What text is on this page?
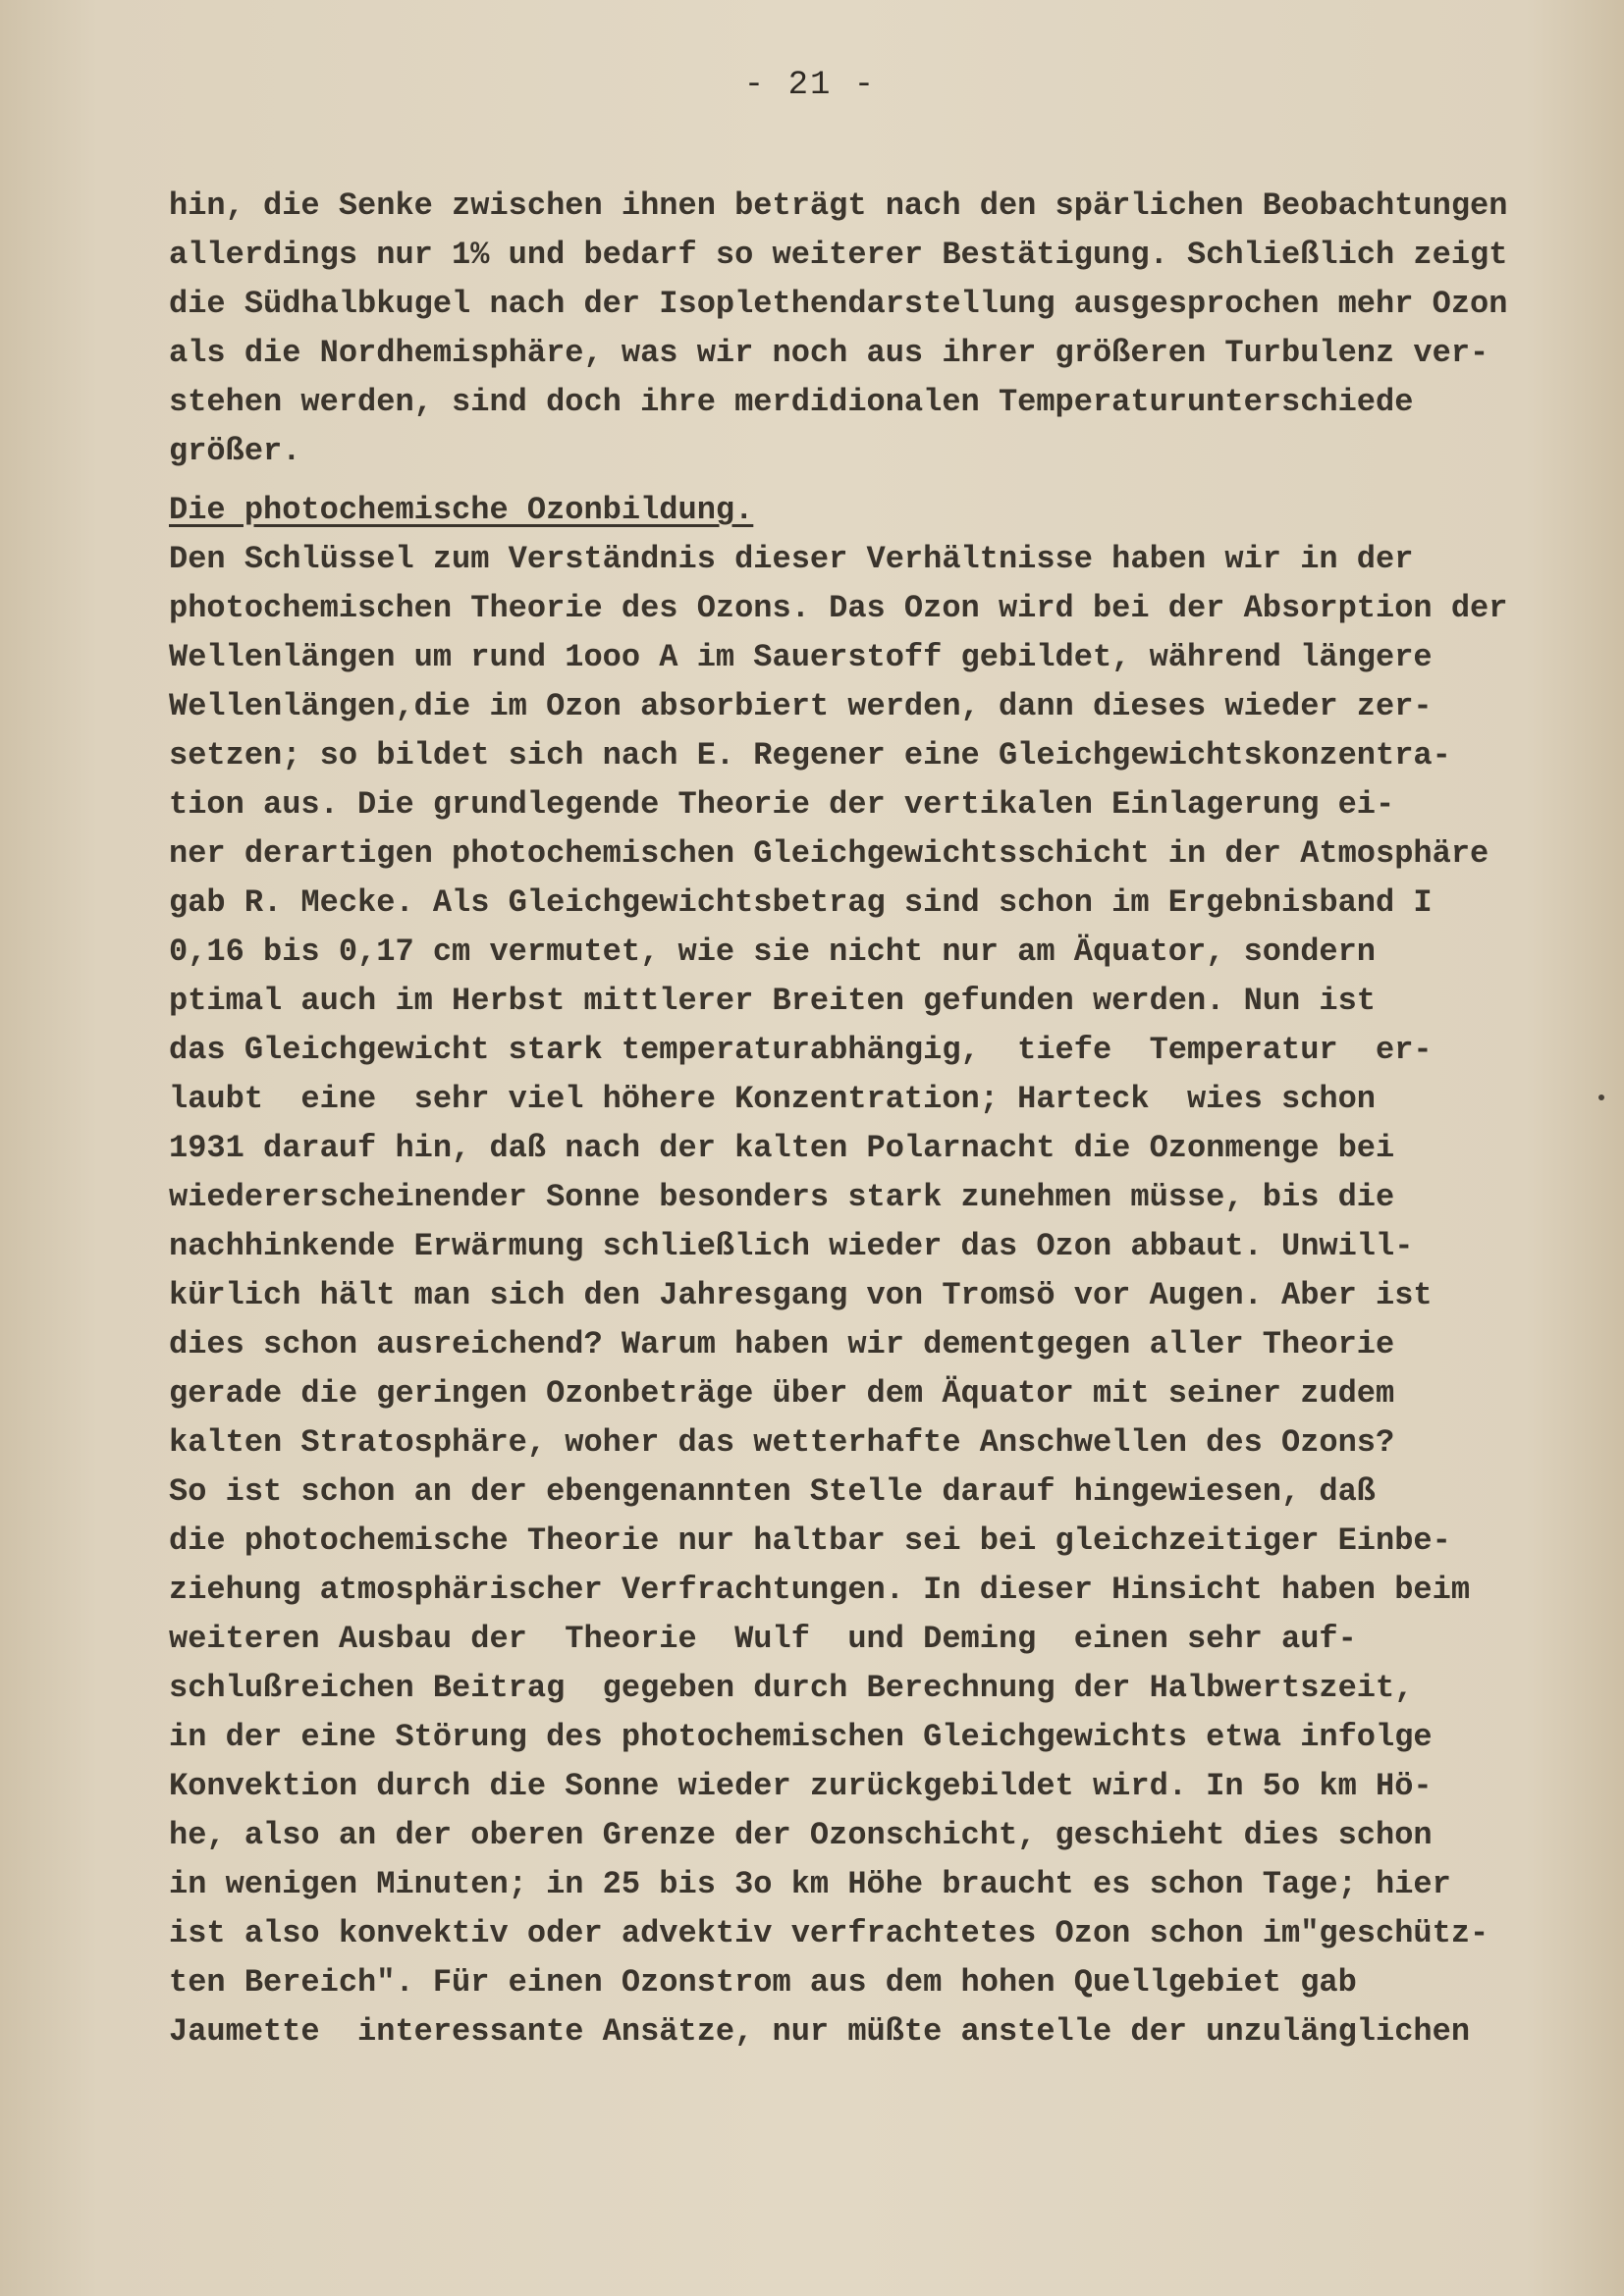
- 21 -
hin, die Senke zwischen ihnen beträgt nach den spärlichen Beobachtungen
allerdings nur 1% und bedarf so weiterer Bestätigung. Schließlich zeigt
die Südhalbkugel nach der Isoplethendarstellung ausgesprochen mehr Ozon
als die Nordhemisphäre, was wir noch aus ihrer größeren Turbulenz ver-
stehen werden, sind doch ihre merdidionalen Temperaturunterschiede
größer.
Die photochemische Ozonbildung.
Den Schlüssel zum Verständnis dieser Verhältnisse haben wir in der
photochemischen Theorie des Ozons. Das Ozon wird bei der Absorption der
Wellenlängen um rund 1ooo A im Sauerstoff gebildet, während längere
Wellenlängen,die im Ozon absorbiert werden, dann dieses wieder zer-
setzen; so bildet sich nach E. Regener eine Gleichgewichtskonzentra-
tion aus. Die grundlegende Theorie der vertikalen Einlagerung ei-
ner derartigen photochemischen Gleichgewichtsschicht in der Atmosphäre
gab R. Mecke. Als Gleichgewichtsbetrag sind schon im Ergebnisband I
0,16 bis 0,17 cm vermutet, wie sie nicht nur am Äquator, sondern
ptimal auch im Herbst mittlerer Breiten gefunden werden. Nun ist
das Gleichgewicht stark temperaturabhängig,  tiefe  Temperatur  er-
laubt  eine  sehr viel höhere Konzentration; Harteck  wies schon
1931 darauf hin, daß nach der kalten Polarnacht die Ozonmenge bei
wiedererscheinender Sonne besonders stark zunehmen müsse, bis die
nachhinkende Erwärmung schließlich wieder das Ozon abbaut. Unwill-
kürlich hält man sich den Jahresgang von Tromsö vor Augen. Aber ist
dies schon ausreichend? Warum haben wir dementgegen aller Theorie
gerade die geringen Ozonbeträge über dem Äquator mit seiner zudem
kalten Stratosphäre, woher das wetterhafte Anschwellen des Ozons?
So ist schon an der ebengenannten Stelle darauf hingewiesen, daß
die photochemische Theorie nur haltbar sei bei gleichzeitiger Einbe-
ziehung atmosphärischer Verfrachtungen. In dieser Hinsicht haben beim
weiteren Ausbau der  Theorie  Wulf  und Deming  einen sehr auf-
schlußreichen Beitrag  gegeben durch Berechnung der Halbwertszeit,
in der eine Störung des photochemischen Gleichgewichts etwa infolge
Konvektion durch die Sonne wieder zurückgebildet wird. In 5o km Hö-
he, also an der oberen Grenze der Ozonschicht, geschieht dies schon
in wenigen Minuten; in 25 bis 3o km Höhe braucht es schon Tage; hier
ist also konvektiv oder advektiv verfrachtetes Ozon schon im"geschütz-
ten Bereich". Für einen Ozonstrom aus dem hohen Quellgebiet gab
Jaumette  interessante Ansätze, nur müßte anstelle der unzulänglichen
